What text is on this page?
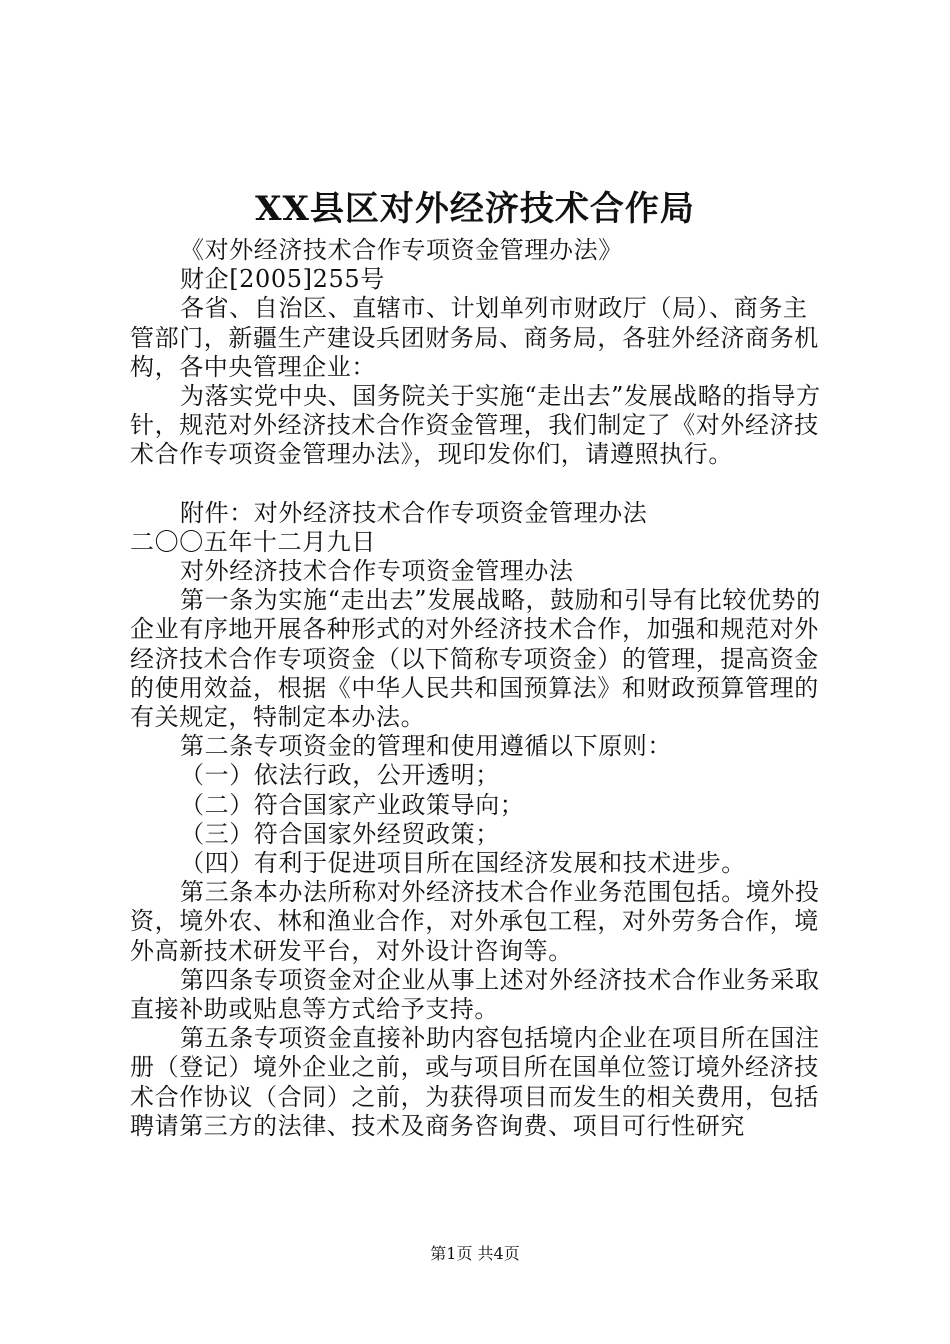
XX县区对外经济技术合作局

《对外经济技术合作专项资金管理办法》

财企[2005]255号

各省、自治区、直辖市、计划单列市财政厅（局）、商务主管部门，新疆生产建设兵团财务局、商务局，各驻外经济商务机构，各中央管理企业：

为落实党中央、国务院关于实施“走出去”发展战略的指导方针，规范对外经济技术合作资金管理，我们制定了《对外经济技术合作专项资金管理办法》，现印发你们，请遵照执行。

附件：对外经济技术合作专项资金管理办法

二〇〇五年十二月九日

对外经济技术合作专项资金管理办法

第一条为实施“走出去”发展战略，鼓励和引导有比较优势的企业有序地开展各种形式的对外经济技术合作，加强和规范对外经济技术合作专项资金（以下简称专项资金）的管理，提高资金的使用效益，根据《中华人民共和国预算法》和财政预算管理的有关规定，特制定本办法。

第二条专项资金的管理和使用遵循以下原则：

（一）依法行政，公开透明；

（二）符合国家产业政策导向；

（三）符合国家外经贸政策；

（四）有利于促进项目所在国经济发展和技术进步。

第三条本办法所称对外经济技术合作业务范围包括。境外投资，境外农、林和渔业合作，对外承包工程，对外劳务合作，境外高新技术研发平台，对外设计咨询等。

第四条专项资金对企业从事上述对外经济技术合作业务采取直接补助或贴息等方式给予支持。

第五条专项资金直接补助内容包括境内企业在项目所在国注册（登记）境外企业之前，或与项目所在国单位签订境外经济技术合作协议（合同）之前，为获得项目而发生的相关费用，包括聘请第三方的法律、技术及商务咨询费、项目可行性研究

第1页 共4页
